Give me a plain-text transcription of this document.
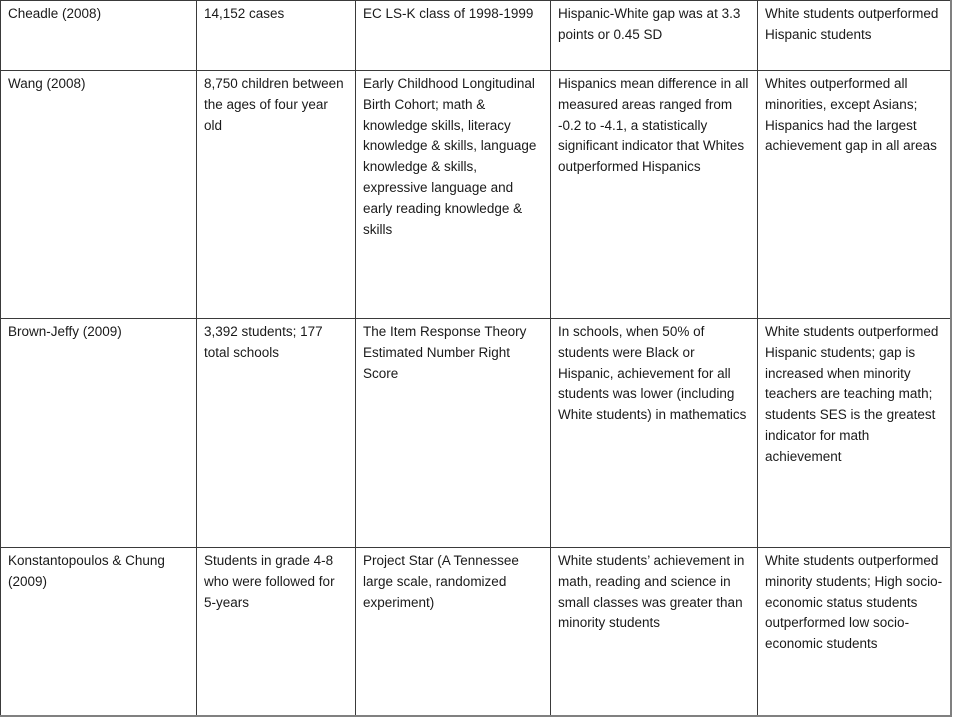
Cheadle (2008)	14,152 cases	EC LS-K class of 1998-1999	Hispanic-White gap was at 3.3 points or 0.45 SD	White students outperformed Hispanic students
Wang (2008)	8,750 children between the ages of four year old	Early Childhood Longitudinal Birth Cohort; math & knowledge skills, literacy knowledge & skills, language knowledge & skills, expressive language and early reading knowledge & skills	Hispanics mean difference in all measured areas ranged from -0.2 to -4.1, a statistically significant indicator that Whites outperformed Hispanics	Whites outperformed all minorities, except Asians; Hispanics had the largest achievement gap in all areas
Brown-Jeffy (2009)	3,392 students; 177 total schools	The Item Response Theory Estimated Number Right Score	In schools, when 50% of students were Black or Hispanic, achievement for all students was lower (including White students) in mathematics	White students outperformed Hispanic students; gap is increased when minority teachers are teaching math; students SES is the greatest indicator for math achievement
Konstantopoulos & Chung (2009)	Students in grade 4-8 who were followed for 5-years	Project Star (A Tennessee large scale, randomized experiment)	White students’ achievement in math, reading and science in small classes was greater than minority students	White students outperformed minority students; High socio-economic status students outperformed low socio-economic students
